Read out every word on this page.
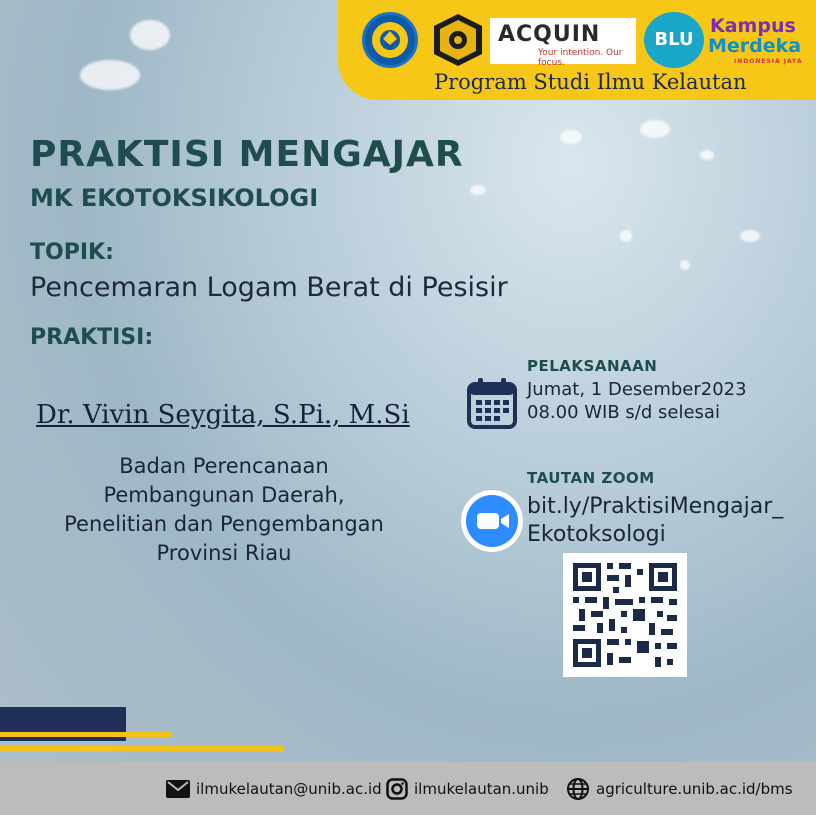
ACQUIN
Your intention. Our focus.
BLU
Kampus
Merdeka
INDONESIA JAYA
Program Studi Ilmu Kelautan
PRAKTISI MENGAJAR
MK EKOTOKSIKOLOGI
TOPIK:
Pencemaran Logam Berat di Pesisir
PRAKTISI:
Dr. Vivin Seygita, S.Pi., M.Si
Badan Perencanaan
Pembangunan Daerah,
Penelitian dan Pengembangan
Provinsi Riau
PELAKSANAAN
Jumat, 1 Desember2023
08.00 WIB s/d selesai
TAUTAN ZOOM
bit.ly/PraktisiMengajar_
Ekotoksologi
ilmukelautan@unib.ac.id ilmukelautan.unib	agriculture.unib.ac.id/bms
